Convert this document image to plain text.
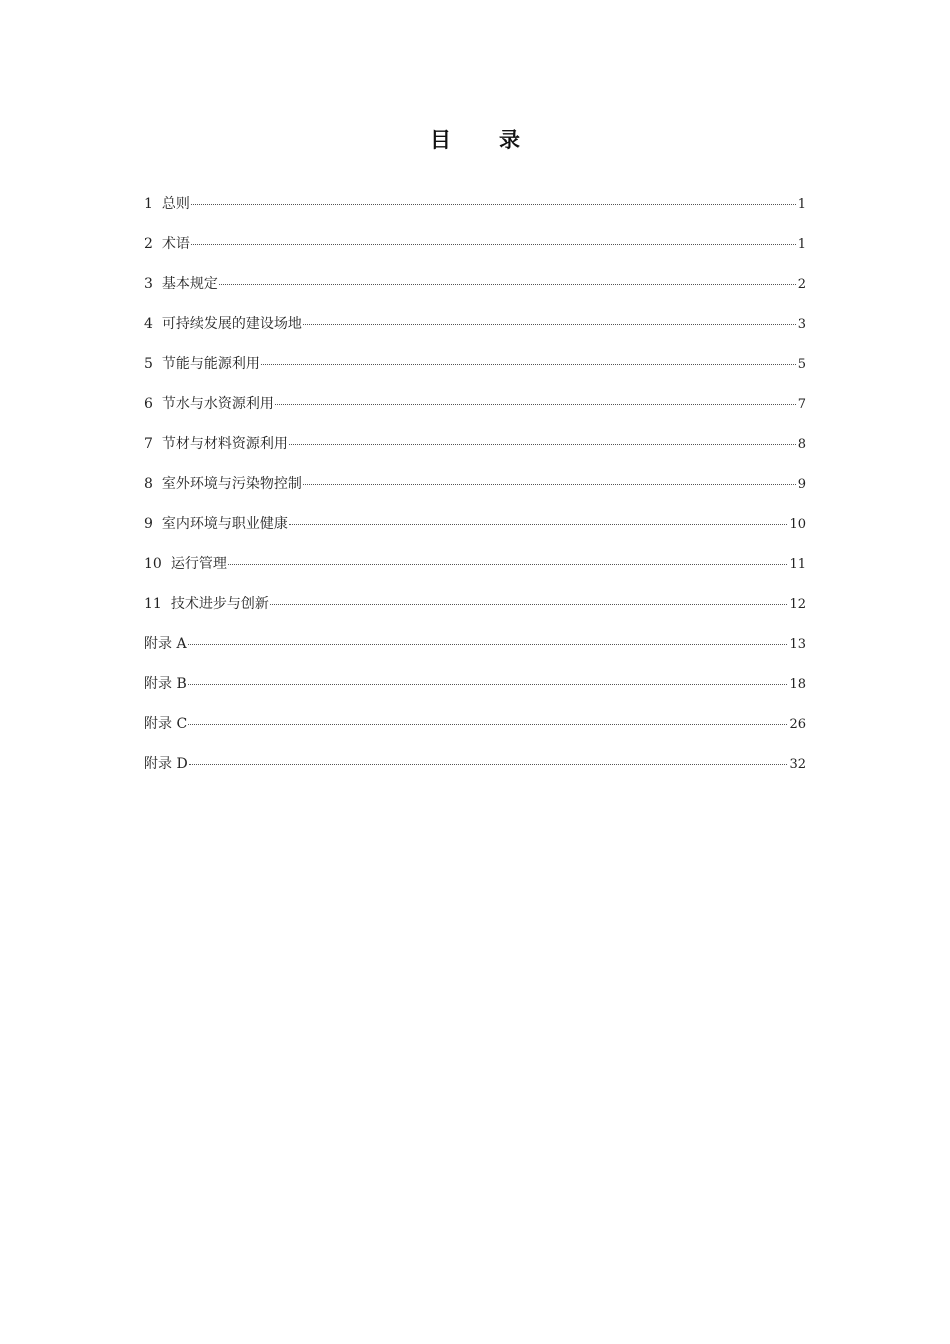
目 录
1 总则	1
2 术语	1
3 基本规定	2
4 可持续发展的建设场地	3
5 节能与能源利用	5
6 节水与水资源利用	7
7 节材与材料资源利用	8
8 室外环境与污染物控制	9
9 室内环境与职业健康	10
10 运行管理	11
11 技术进步与创新	12
附录 A	13
附录 B	18
附录 C	26
附录 D	32
